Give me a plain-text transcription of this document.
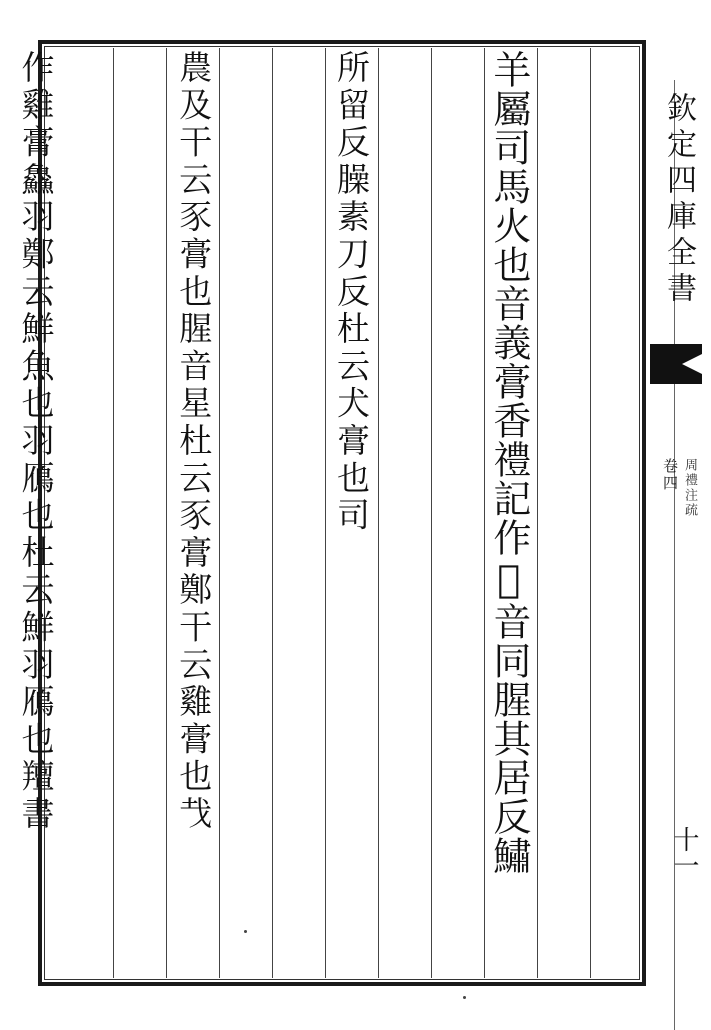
羊屬司馬火也音義膏香禮記作𦚐音同腥其居反鱐

所留反臊素刀反杜云犬膏也司

農及干云豕膏也腥音星杜云豕膏鄭干云雞膏也𢦏

作雞膏鱻羽鄭云鮮魚也羽鴈也杜云鮮羽鴈也羶書

	欽定四庫全書
卷四 周禮注疏
十一
